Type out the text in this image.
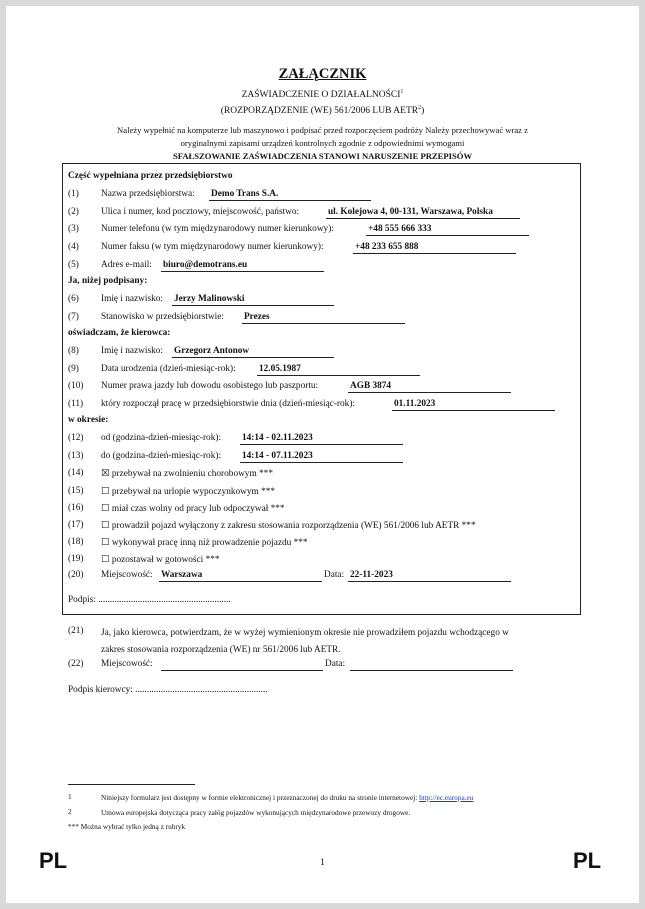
ZAŁĄCZNIK
ZAŚWIADCZENIE O DZIAŁALNOŚCI$^1$
(ROZPORZĄDZENIE (WE) 561/2006 LUB AETR$^2$)
Należy wypełnić na komputerze lub maszynowo i podpisać przed rozpoczęciem podróży Należy przechowywać wraz z
oryginalnymi zapisami urządzeń kontrolnych zgodnie z odpowiednimi wymogami
SFAŁSZOWANIE ZAŚWIADCZENIA STANOWI NARUSZENIE PRZEPISÓW
Część wypełniana przez przedsiębiorstwo
(1) Nazwa przedsiębiorstwa: Demo Trans S.A.
(2) Ulica i numer, kod pocztowy, miejscowość, państwo:	ul. Kolejowa 4, 00-131, Warszawa, Polska
(3) Numer telefonu (w tym międzynarodowy numer kierunkowy):	+48 555 666 333
(4) Numer faksu (w tym międzynarodowy numer kierunkowy):	+48 233 655 888
(5) Adres e-mail: biuro@demotrans.eu
Ja, niżej podpisany:
(6) Imię i nazwisko: Jerzy Malinowski
(7) Stanowisko w przedsiębiorstwie: Prezes
oświadczam, że kierowca:
(8) Imię i nazwisko: Grzegorz Antonow
(9) Data urodzenia (dzień-miesiąc-rok):	12.05.1987
(10) Numer prawa jazdy lub dowodu osobistego lub paszportu:	AGB 3874
(11) który rozpoczął pracę w przedsiębiorstwie dnia (dzień-miesiąc-rok):	01.11.2023
w okresie:
(12) od (godzina-dzień-miesiąc-rok): 14:14 - 02.11.2023
(13) do (godzina-dzień-miesiąc-rok): 14:14 - 07.11.2023
(14) ☒ przebywał na zwolnieniu chorobowym ***
(15) ☐ przebywał na urlopie wypoczynkowym ***
(16) ☐ miał czas wolny od pracy lub odpoczywał ***
(17) ☐ prowadził pojazd wyłączony z zakresu stosowania rozporządzenia (WE) 561/2006 lub AETR ***
(18) ☐ wykonywał pracę inną niż prowadzenie pojazdu ***
(19) ☐ pozostawał w gotowości ***
(20) Miejscowość: Warszawa	Data: 22-11-2023
Podpis: .........................................................
(21) Ja, jako kierowca, potwierdzam, że w wyżej wymienionym okresie nie prowadziłem pojazdu wchodzącego w
zakres stosowania rozporządzenia (WE) nr 561/2006 lub AETR.
(22) Miejscowość:	Data:
Podpis kierowcy: .........................................................
1	Niniejszy formularz jest dostępny w formie elektronicznej i przeznaczonej do druku na stronie internetowej: http://ec.europa.eu
2	Umowa europejska dotycząca pracy załóg pojazdów wykonujących międzynarodowe przewozy drogowe.
*** Można wybrać tylko jedną z rubryk
PL	1	PL
